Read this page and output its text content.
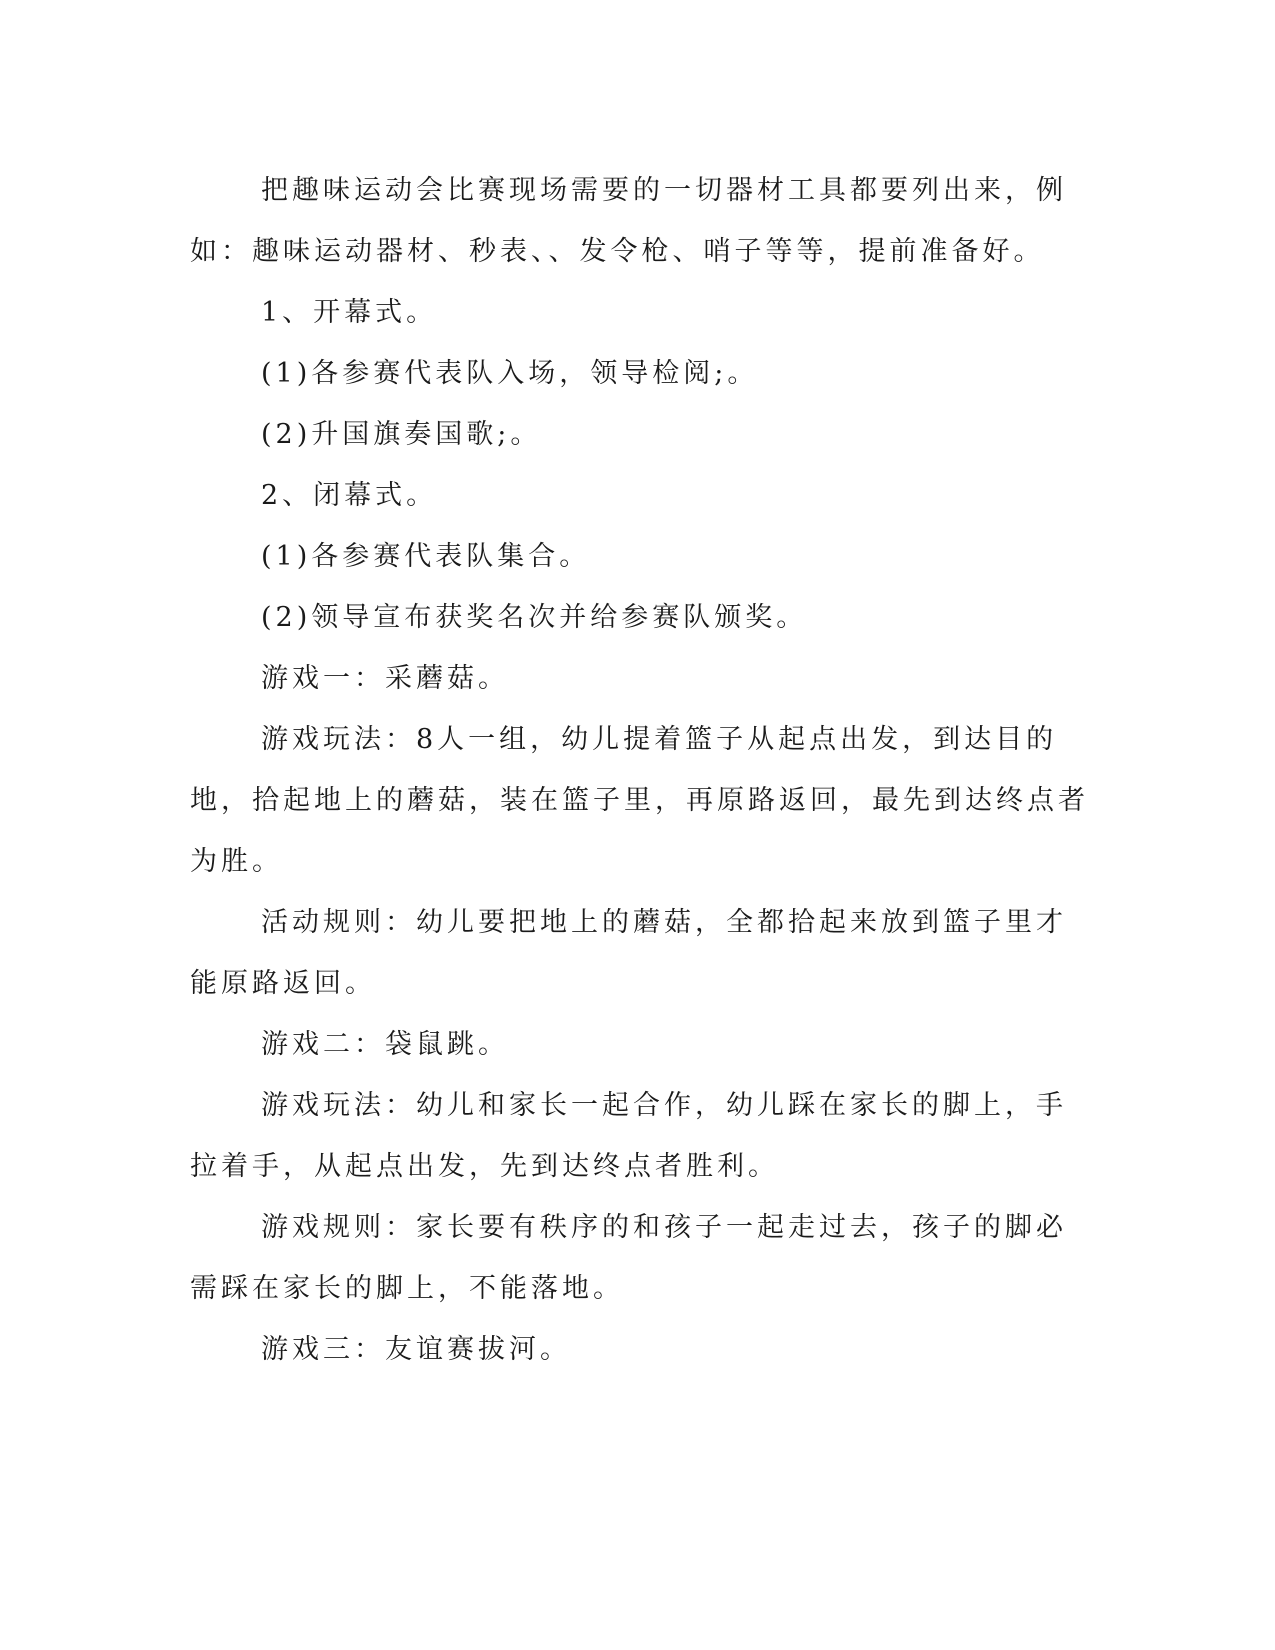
把趣味运动会比赛现场需要的一切器材工具都要列出来，例如：趣味运动器材、秒表、、发令枪、哨子等等，提前准备好。

1、开幕式。

(1)各参赛代表队入场，领导检阅;。

(2)升国旗奏国歌;。

2、闭幕式。

(1)各参赛代表队集合。

(2)领导宣布获奖名次并给参赛队颁奖。

游戏一：采蘑菇。

游戏玩法：8人一组，幼儿提着篮子从起点出发，到达目的地，拾起地上的蘑菇，装在篮子里，再原路返回，最先到达终点者为胜。

活动规则：幼儿要把地上的蘑菇，全都拾起来放到篮子里才能原路返回。

游戏二：袋鼠跳。

游戏玩法：幼儿和家长一起合作，幼儿踩在家长的脚上，手拉着手，从起点出发，先到达终点者胜利。

游戏规则：家长要有秩序的和孩子一起走过去，孩子的脚必需踩在家长的脚上，不能落地。

游戏三：友谊赛拔河。
